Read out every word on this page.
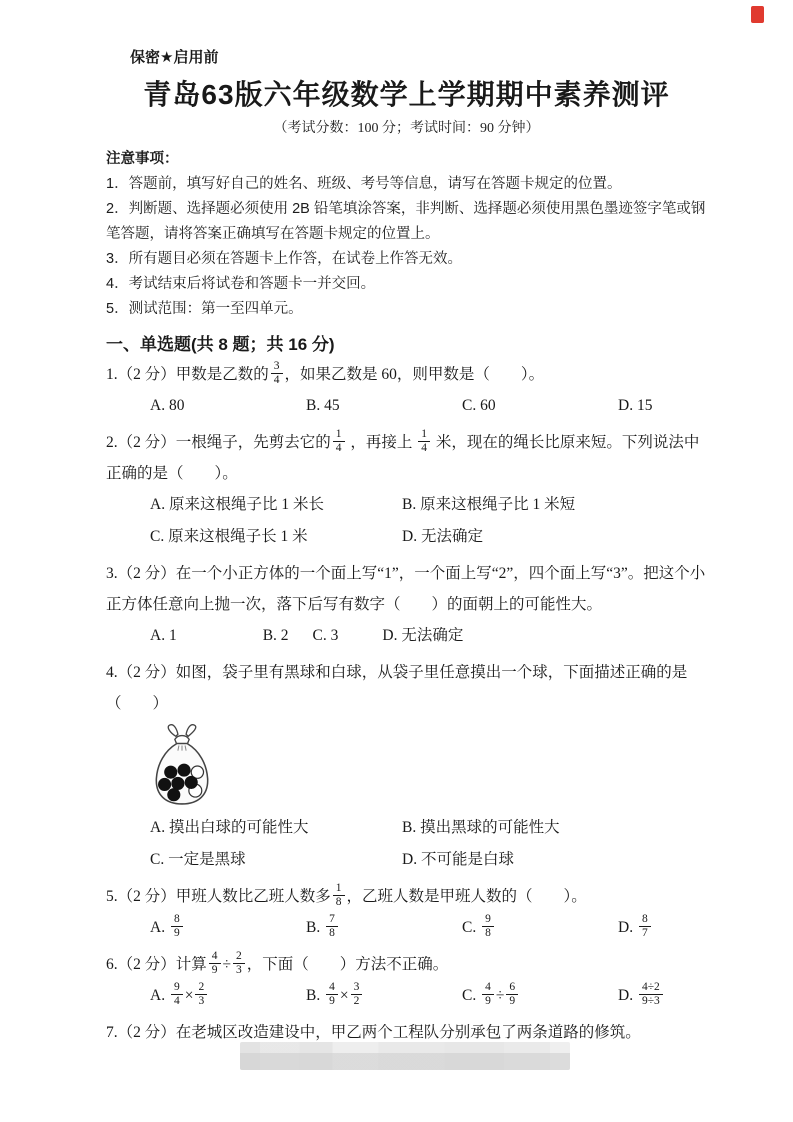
保密★启用前
青岛63版六年级数学上学期期中素养测评
（考试分数：100 分；考试时间：90 分钟）
注意事项：
1．答题前，填写好自己的姓名、班级、考号等信息，请写在答题卡规定的位置。
2．判断题、选择题必须使用 2B 铅笔填涂答案，非判断、选择题必须使用黑色墨迹签字笔或钢笔答题，请将答案正确填写在答题卡规定的位置上。
3．所有题目必须在答题卡上作答，在试卷上作答无效。
4．考试结束后将试卷和答题卡一并交回。
5．测试范围：第一至四单元。
一、单选题(共 8 题；共 16 分)
1.（2 分）甲数是乙数的 $\frac{3}{4}$ ，如果乙数是 60，则甲数是（　　）。
A. 80	B. 45	C. 60	D. 15
2.（2 分）一根绳子，先剪去它的 $\frac{1}{4}$ ，再接上 $\frac{1}{4}$ 米，现在的绳长比原来短。下列说法中正确的是（　　）。
A. 原来这根绳子比 1 米长	B. 原来这根绳子比 1 米短
C. 原来这根绳子长 1 米	D. 无法确定
3.（2 分）在一个小正方体的一个面上写“1”，一个面上写“2”，四个面上写“3”。把这个小正方体任意向上抛一次，落下后写有数字（　　）的面朝上的可能性大。
A. 1	B. 2 C. 3	D. 无法确定
4.（2 分）如图，袋子里有黑球和白球，从袋子里任意摸出一个球，下面描述正确的是（　　）
A. 摸出白球的可能性大	B. 摸出黑球的可能性大
C. 一定是黑球	D. 不可能是白球
5.（2 分）甲班人数比乙班人数多 $\frac{1}{8}$ ，乙班人数是甲班人数的（　　）。
A. $\frac{8}{9}$	B. $\frac{7}{8}$	C. $\frac{9}{8}$	D. $\frac{8}{7}$
6.（2 分）计算 $\frac{4}{9} \div \frac{2}{3}$ ，下面（　　）方法不正确。
A. $\frac{9}{4} \times \frac{2}{3}$	B. $\frac{4}{9} \times \frac{3}{2}$	C. $\frac{4}{9} \div \frac{6}{9}$	D. $\frac{4\div 2}{9\div 3}$
7.（2 分）在老城区改造建设中，甲乙两个工程队分别承包了两条道路的修筑。
